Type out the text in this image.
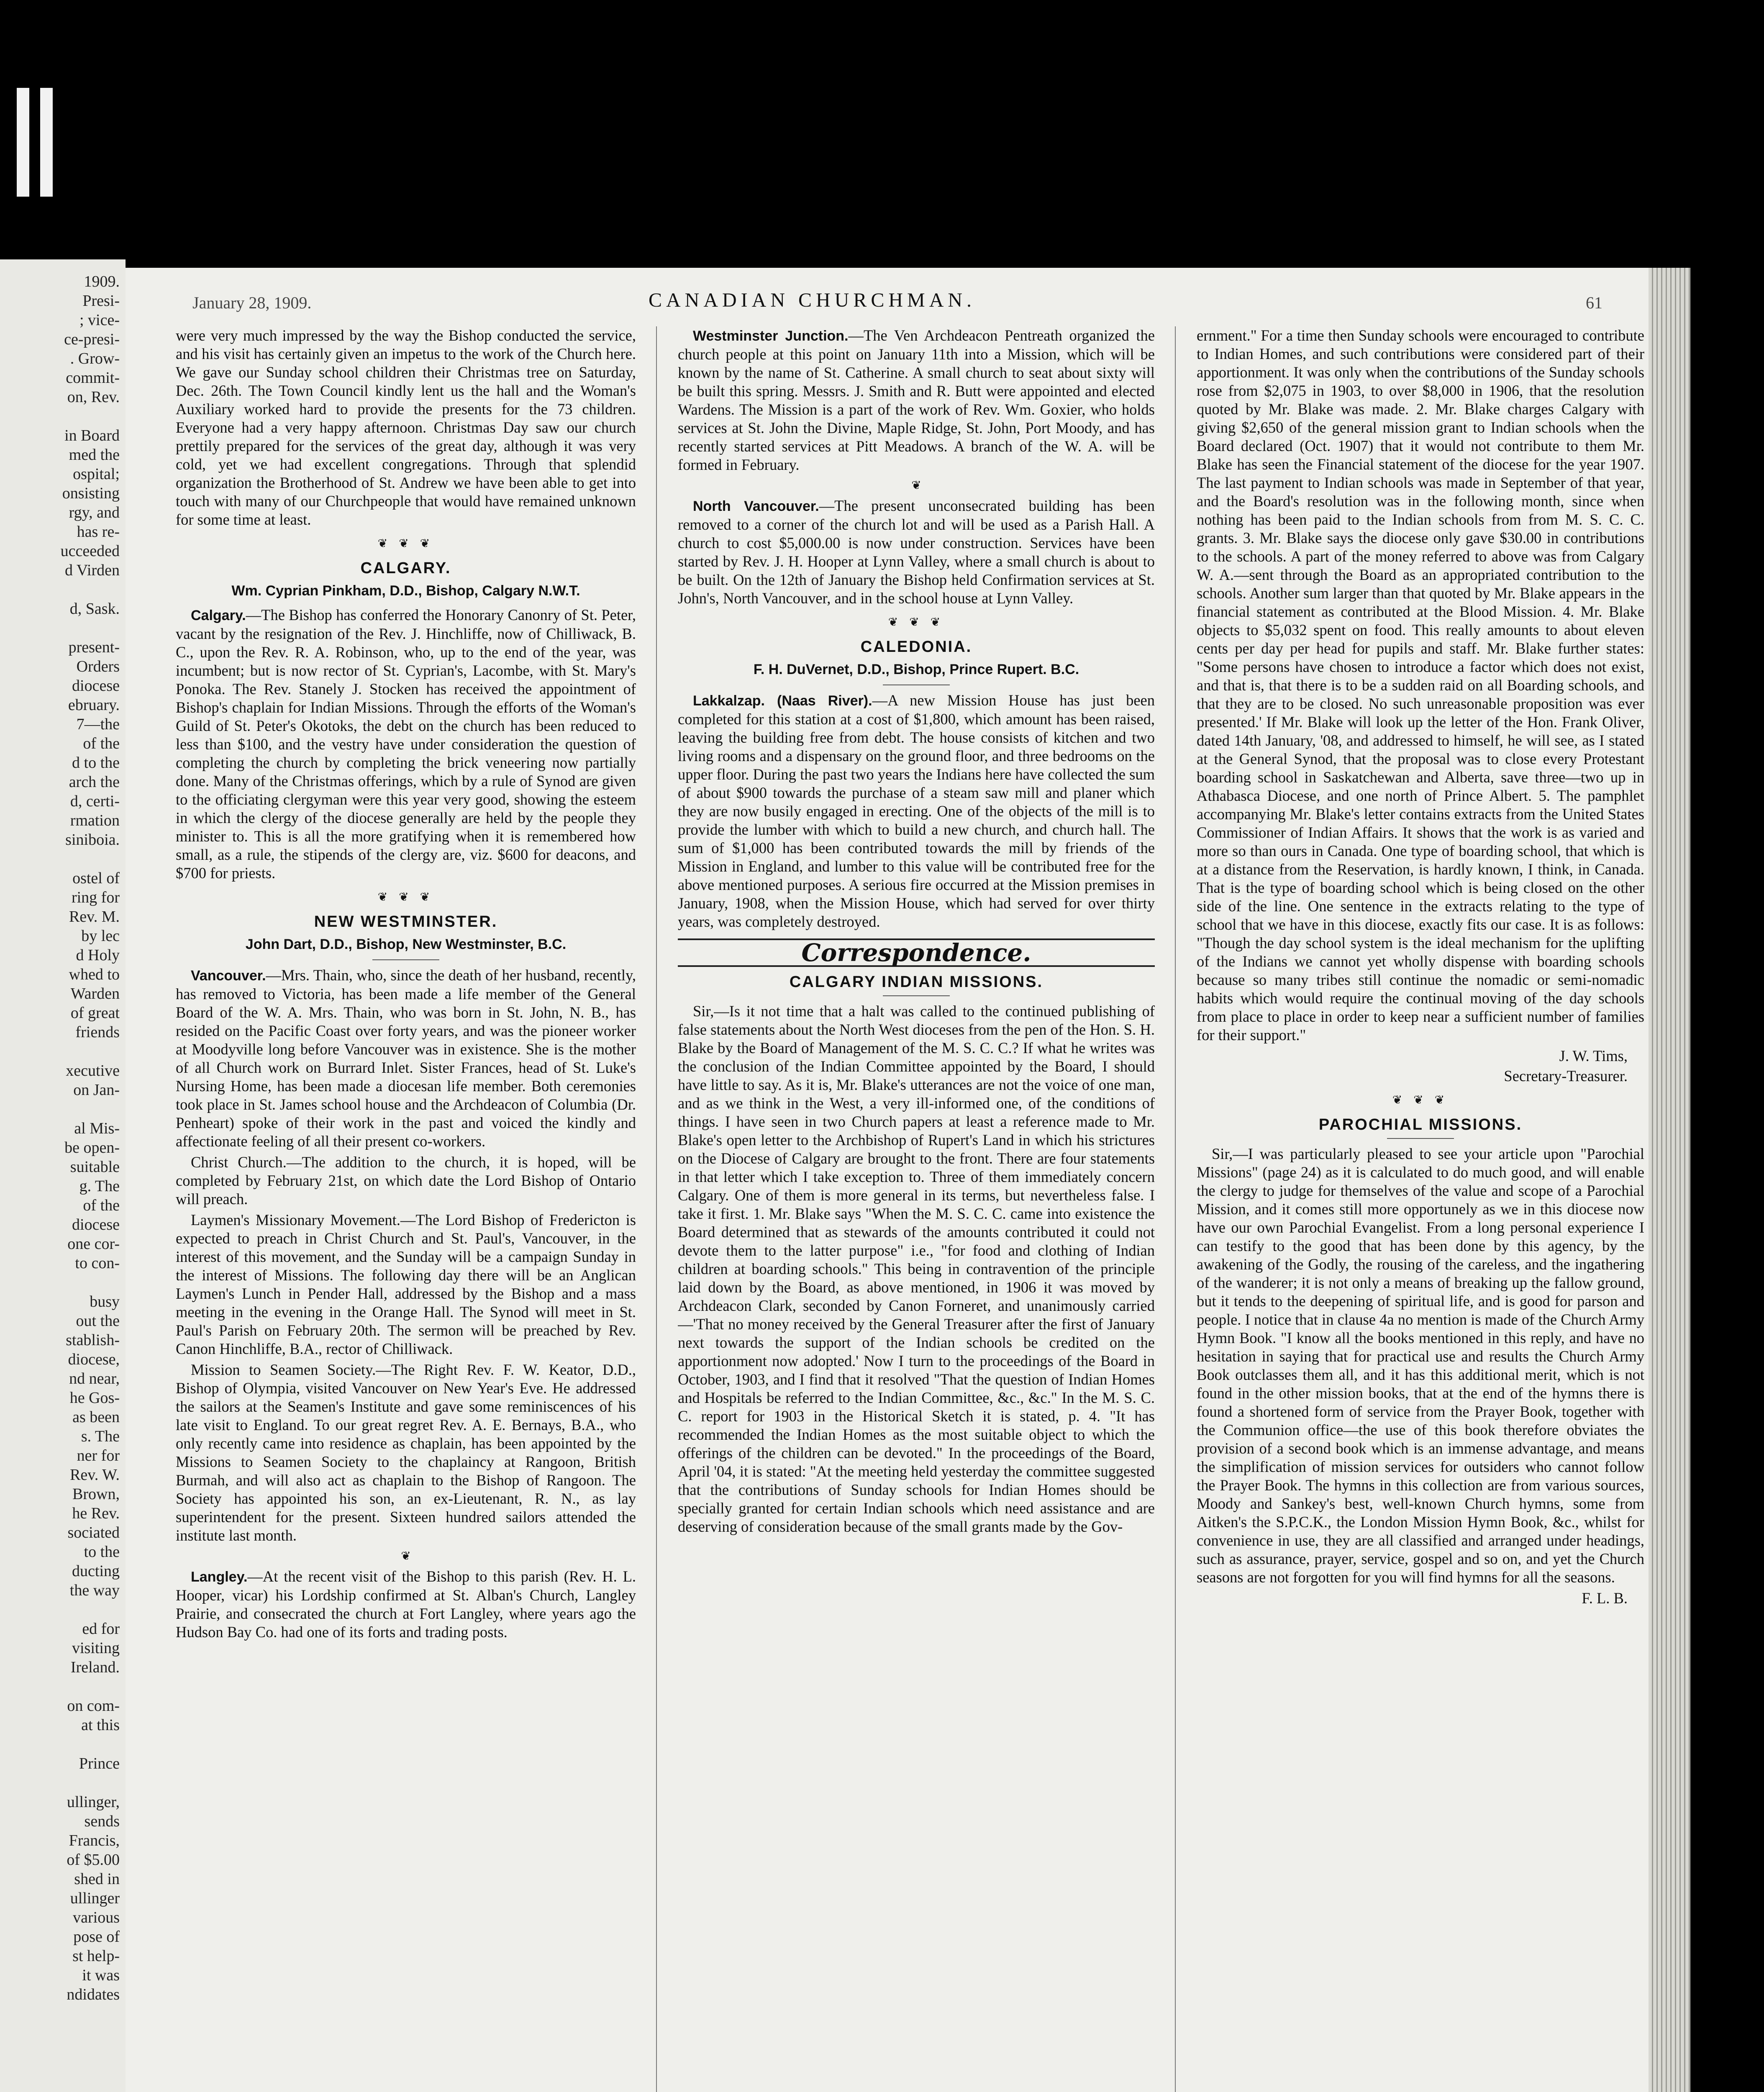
1909.
Presi-
; vice-
ce-presi-
. Grow-
commit-
on, Rev.

in Board
med the
ospital;
onsisting
rgy, and
has re-
ucceeded
d Virden

d, Sask.

present-
Orders
diocese
ebruary.
7—the
of the
d to the
arch the
d, certi-
rmation
siniboia.

ostel of
ring for
Rev. M.
by lec
d Holy
whed to
Warden
of great
friends

xecutive
on Jan-

al Mis-
be open-
suitable
g. The
of the
diocese
one cor-
to con-

busy
out the
stablish-
diocese,
nd near,
he Gos-
as been
s. The
ner for
Rev. W.
Brown,
he Rev.
sociated
to the
ducting
the way

ed for
visiting
Ireland.

on com-
at this

Prince

ullinger,
sends
Francis,
of $5.00
shed in
ullinger
various
pose of
st help-
it was
ndidates
January 28, 1909.	CANADIAN CHURCHMAN.	61

were very much impressed by the way the Bishop conducted the service, and his visit has certainly given an impetus to the work of the Church here. We gave our Sunday school children their Christmas tree on Saturday, Dec. 26th. The Town Council kindly lent us the hall and the Woman's Auxiliary worked hard to provide the presents for the 73 children. Everyone had a very happy afternoon. Christmas Day saw our church prettily prepared for the services of the great day, although it was very cold, yet we had excellent congregations. Through that splendid organization the Brotherhood of St. Andrew we have been able to get into touch with many of our Churchpeople that would have remained unknown for some time at least.

❦ ❦ ❦
CALGARY.
Wm. Cyprian Pinkham, D.D., Bishop, Calgary N.W.T.

Calgary.—The Bishop has conferred the Honorary Canonry of St. Peter, vacant by the resignation of the Rev. J. Hinchliffe, now of Chilliwack, B. C., upon the Rev. R. A. Robinson, who, up to the end of the year, was incumbent; but is now rector of St. Cyprian's, Lacombe, with St. Mary's Ponoka. The Rev. Stanely J. Stocken has received the appointment of Bishop's chaplain for Indian Missions. Through the efforts of the Woman's Guild of St. Peter's Okotoks, the debt on the church has been reduced to less than $100, and the vestry have under consideration the question of completing the church by completing the brick veneering now partially done. Many of the Christmas offerings, which by a rule of Synod are given to the officiating clergyman were this year very good, showing the esteem in which the clergy of the diocese generally are held by the people they minister to. This is all the more gratifying when it is remembered how small, as a rule, the stipends of the clergy are, viz. $600 for deacons, and $700 for priests.

❦ ❦ ❦
NEW WESTMINSTER.
John Dart, D.D., Bishop, New Westminster, B.C.

Vancouver.—Mrs. Thain, who, since the death of her husband, recently, has removed to Victoria, has been made a life member of the General Board of the W. A. Mrs. Thain, who was born in St. John, N. B., has resided on the Pacific Coast over forty years, and was the pioneer worker at Moodyville long before Vancouver was in existence. She is the mother of all Church work on Burrard Inlet. Sister Frances, head of St. Luke's Nursing Home, has been made a diocesan life member. Both ceremonies took place in St. James school house and the Archdeacon of Columbia (Dr. Penheart) spoke of their work in the past and voiced the kindly and affectionate feeling of all their present co-workers.

Christ Church.—The addition to the church, it is hoped, will be completed by February 21st, on which date the Lord Bishop of Ontario will preach.

Laymen's Missionary Movement.—The Lord Bishop of Fredericton is expected to preach in Christ Church and St. Paul's, Vancouver, in the interest of this movement, and the Sunday will be a campaign Sunday in the interest of Missions. The following day there will be an Anglican Laymen's Lunch in Pender Hall, addressed by the Bishop and a mass meeting in the evening in the Orange Hall. The Synod will meet in St. Paul's Parish on February 20th. The sermon will be preached by Rev. Canon Hinchliffe, B.A., rector of Chilliwack.

Mission to Seamen Society.—The Right Rev. F. W. Keator, D.D., Bishop of Olympia, visited Vancouver on New Year's Eve. He addressed the sailors at the Seamen's Institute and gave some reminiscences of his late visit to England. To our great regret Rev. A. E. Bernays, B.A., who only recently came into residence as chaplain, has been appointed by the Missions to Seamen Society to the chaplaincy at Rangoon, British Burmah, and will also act as chaplain to the Bishop of Rangoon. The Society has appointed his son, an ex-Lieutenant, R. N., as lay superintendent for the present. Sixteen hundred sailors attended the institute last month.

❦

Langley.—At the recent visit of the Bishop to this parish (Rev. H. L. Hooper, vicar) his Lordship confirmed at St. Alban's Church, Langley Prairie, and consecrated the church at Fort Langley, where years ago the Hudson Bay Co. had one of its forts and trading posts.

Westminster Junction.—The Ven Archdeacon Pentreath organized the church people at this point on January 11th into a Mission, which will be known by the name of St. Catherine. A small church to seat about sixty will be built this spring. Messrs. J. Smith and R. Butt were appointed and elected Wardens. The Mission is a part of the work of Rev. Wm. Goxier, who holds services at St. John the Divine, Maple Ridge, St. John, Port Moody, and has recently started services at Pitt Meadows. A branch of the W. A. will be formed in February.

❦

North Vancouver.—The present unconsecrated building has been removed to a corner of the church lot and will be used as a Parish Hall. A church to cost $5,000.00 is now under construction. Services have been started by Rev. J. H. Hooper at Lynn Valley, where a small church is about to be built. On the 12th of January the Bishop held Confirmation services at St. John's, North Vancouver, and in the school house at Lynn Valley.

❦ ❦ ❦
CALEDONIA.
F. H. DuVernet, D.D., Bishop, Prince Rupert. B.C.

Lakkalzap. (Naas River).—A new Mission House has just been completed for this station at a cost of $1,800, which amount has been raised, leaving the building free from debt. The house consists of kitchen and two living rooms and a dispensary on the ground floor, and three bedrooms on the upper floor. During the past two years the Indians here have collected the sum of about $900 towards the purchase of a steam saw mill and planer which they are now busily engaged in erecting. One of the objects of the mill is to provide the lumber with which to build a new church, and church hall. The sum of $1,000 has been contributed towards the mill by friends of the Mission in England, and lumber to this value will be contributed free for the above mentioned purposes. A serious fire occurred at the Mission premises in January, 1908, when the Mission House, which had served for over thirty years, was completely destroyed.

Correspondence.
CALGARY INDIAN MISSIONS.

Sir,—Is it not time that a halt was called to the continued publishing of false statements about the North West dioceses from the pen of the Hon. S. H. Blake by the Board of Management of the M. S. C. C.? If what he writes was the conclusion of the Indian Committee appointed by the Board, I should have little to say. As it is, Mr. Blake's utterances are not the voice of one man, and as we think in the West, a very ill-informed one, of the conditions of things. I have seen in two Church papers at least a reference made to Mr. Blake's open letter to the Archbishop of Rupert's Land in which his strictures on the Diocese of Calgary are brought to the front. There are four statements in that letter which I take exception to. Three of them immediately concern Calgary. One of them is more general in its terms, but nevertheless false. I take it first. 1. Mr. Blake says "When the M. S. C. C. came into existence the Board determined that as stewards of the amounts contributed it could not devote them to the latter purpose" i.e., "for food and clothing of Indian children at boarding schools." This being in contravention of the principle laid down by the Board, as above mentioned, in 1906 it was moved by Archdeacon Clark, seconded by Canon Forneret, and unanimously carried—'That no money received by the General Treasurer after the first of January next towards the support of the Indian schools be credited on the apportionment now adopted.' Now I turn to the proceedings of the Board in October, 1903, and I find that it resolved "That the question of Indian Homes and Hospitals be referred to the Indian Committee, &c., &c." In the M. S. C. C. report for 1903 in the Historical Sketch it is stated, p. 4. "It has recommended the Indian Homes as the most suitable object to which the offerings of the children can be devoted." In the proceedings of the Board, April '04, it is stated: "At the meeting held yesterday the committee suggested that the contributions of Sunday schools for Indian Homes should be specially granted for certain Indian schools which need assistance and are deserving of consideration because of the small grants made by the Gov-

ernment." For a time then Sunday schools were encouraged to contribute to Indian Homes, and such contributions were considered part of their apportionment. It was only when the contributions of the Sunday schools rose from $2,075 in 1903, to over $8,000 in 1906, that the resolution quoted by Mr. Blake was made. 2. Mr. Blake charges Calgary with giving $2,650 of the general mission grant to Indian schools when the Board declared (Oct. 1907) that it would not contribute to them Mr. Blake has seen the Financial statement of the diocese for the year 1907. The last payment to Indian schools was made in September of that year, and the Board's resolution was in the following month, since when nothing has been paid to the Indian schools from from M. S. C. C. grants. 3. Mr. Blake says the diocese only gave $30.00 in contributions to the schools. A part of the money referred to above was from Calgary W. A.—sent through the Board as an appropriated contribution to the schools. Another sum larger than that quoted by Mr. Blake appears in the financial statement as contributed at the Blood Mission. 4. Mr. Blake objects to $5,032 spent on food. This really amounts to about eleven cents per day per head for pupils and staff. Mr. Blake further states: "Some persons have chosen to introduce a factor which does not exist, and that is, that there is to be a sudden raid on all Boarding schools, and that they are to be closed. No such unreasonable proposition was ever presented.' If Mr. Blake will look up the letter of the Hon. Frank Oliver, dated 14th January, '08, and addressed to himself, he will see, as I stated at the General Synod, that the proposal was to close every Protestant boarding school in Saskatchewan and Alberta, save three—two up in Athabasca Diocese, and one north of Prince Albert. 5. The pamphlet accompanying Mr. Blake's letter contains extracts from the United States Commissioner of Indian Affairs. It shows that the work is as varied and more so than ours in Canada. One type of boarding school, that which is at a distance from the Reservation, is hardly known, I think, in Canada. That is the type of boarding school which is being closed on the other side of the line. One sentence in the extracts relating to the type of school that we have in this diocese, exactly fits our case. It is as follows: "Though the day school system is the ideal mechanism for the uplifting of the Indians we cannot yet wholly dispense with boarding schools because so many tribes still continue the nomadic or semi-nomadic habits which would require the continual moving of the day schools from place to place in order to keep near a sufficient number of families for their support."

J. W. Tims,
Secretary-Treasurer.
❦ ❦ ❦
PAROCHIAL MISSIONS.

Sir,—I was particularly pleased to see your article upon "Parochial Missions" (page 24) as it is calculated to do much good, and will enable the clergy to judge for themselves of the value and scope of a Parochial Mission, and it comes still more opportunely as we in this diocese now have our own Parochial Evangelist. From a long personal experience I can testify to the good that has been done by this agency, by the awakening of the Godly, the rousing of the careless, and the ingathering of the wanderer; it is not only a means of breaking up the fallow ground, but it tends to the deepening of spiritual life, and is good for parson and people. I notice that in clause 4a no mention is made of the Church Army Hymn Book. "I know all the books mentioned in this reply, and have no hesitation in saying that for practical use and results the Church Army Book outclasses them all, and it has this additional merit, which is not found in the other mission books, that at the end of the hymns there is found a shortened form of service from the Prayer Book, together with the Communion office—the use of this book therefore obviates the provision of a second book which is an immense advantage, and means the simplification of mission services for outsiders who cannot follow the Prayer Book. The hymns in this collection are from various sources, Moody and Sankey's best, well-known Church hymns, some from Aitken's the S.P.C.K., the London Mission Hymn Book, &c., whilst for convenience in use, they are all classified and arranged under headings, such as assurance, prayer, service, gospel and so on, and yet the Church seasons are not forgotten for you will find hymns for all the seasons.

F. L. B.
